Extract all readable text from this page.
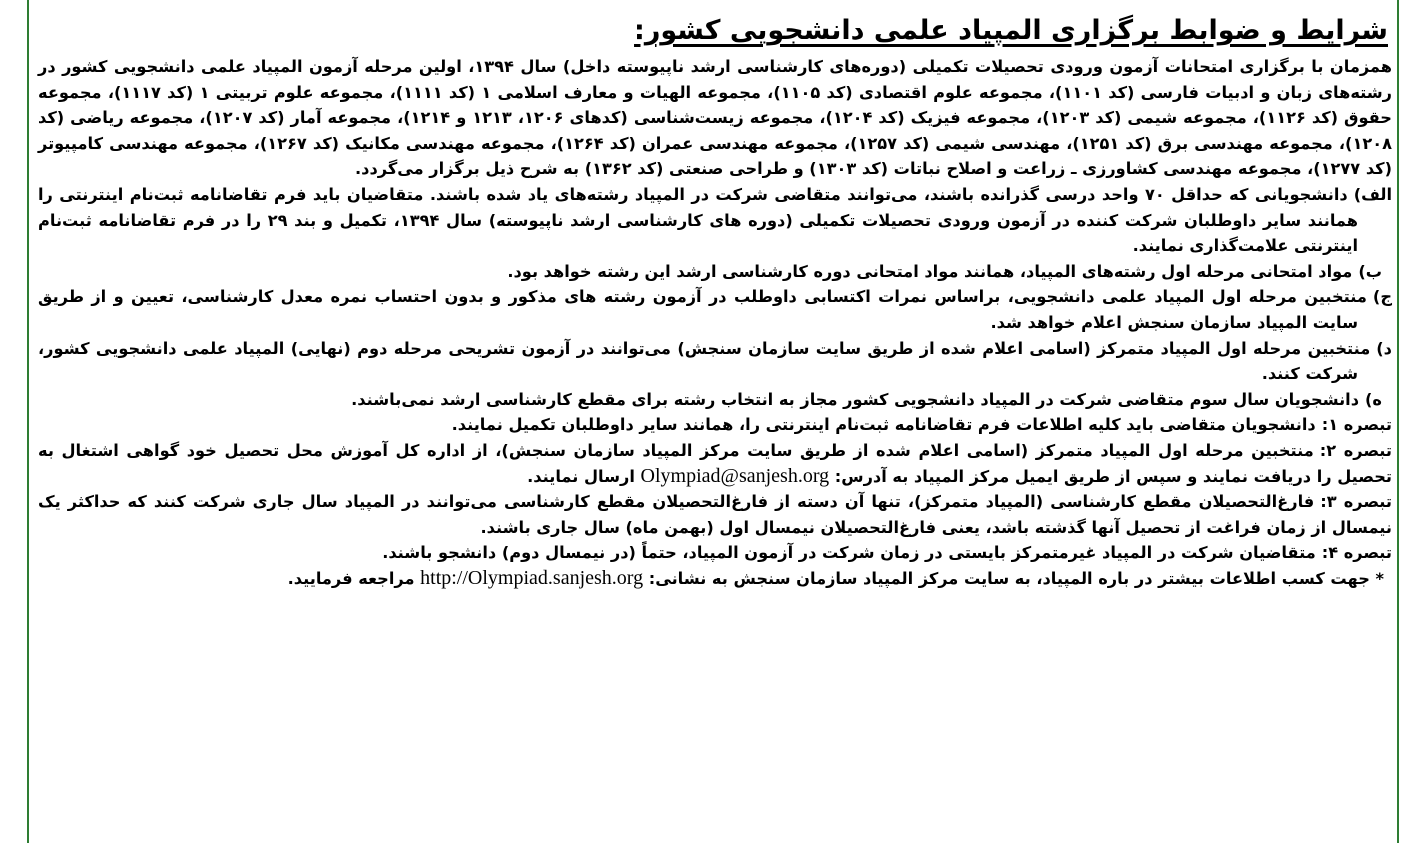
شرایط و ضوابط برگزاری المپیاد علمی دانشجویی کشور:

همزمان با برگزاری امتحانات آزمون ورودی تحصیلات تکمیلی (دوره‌های کارشناسی ارشد ناپیوسته داخل) سال ۱۳۹۴، اولین مرحله آزمون المپیاد علمی دانشجویی کشور در رشته‌های زبان و ادبیات فارسی (کد ۱۱۰۱)، مجموعه علوم اقتصادی (کد ۱۱۰۵)، مجموعه الهیات و معارف اسلامی ۱ (کد ۱۱۱۱)، مجموعه علوم تربیتی ۱ (کد ۱۱۱۷)، مجموعه حقوق (کد ۱۱۲۶)، مجموعه شیمی (کد ۱۲۰۳)، مجموعه فیزیک (کد ۱۲۰۴)، مجموعه زیست‌شناسی (کدهای ۱۲۰۶، ۱۲۱۳ و ۱۲۱۴)، مجموعه آمار (کد ۱۲۰۷)، مجموعه ریاضی (کد ۱۲۰۸)، مجموعه مهندسی برق (کد ۱۲۵۱)، مهندسی شیمی (کد ۱۲۵۷)، مجموعه مهندسی عمران (کد ۱۲۶۴)، مجموعه مهندسی مکانیک (کد ۱۲۶۷)، مجموعه مهندسی کامپیوتر (کد ۱۲۷۷)، مجموعه مهندسی کشاورزی ـ زراعت و اصلاح نباتات (کد ۱۳۰۳) و طراحی صنعتی (کد ۱۳۶۲) به شرح ذیل برگزار می‌گردد.

الف)دانشجویانی که حداقل ۷۰ واحد درسی گذرانده باشند، می‌توانند متقاضی شرکت در المپیاد رشته‌های یاد شده باشند. متقاضیان باید فرم تقاضانامه ثبت‌نام اینترنتی را همانند سایر داوطلبان شرکت کننده در آزمون ورودی تحصیلات تکمیلی (دوره های کارشناسی ارشد ناپیوسته) سال ۱۳۹۴، تکمیل و بند ۲۹ را در فرم تقاضانامه ثبت‌نام اینترنتی علامت‌گذاری نمایند.

ب)مواد امتحانی مرحله اول رشته‌های المپیاد، همانند مواد امتحانی دوره کارشناسی ارشد این رشته خواهد بود.

ج)منتخبین مرحله اول المپیاد علمی دانشجویی، براساس نمرات اکتسابی داوطلب در آزمون رشته های مذکور و بدون احتساب نمره معدل کارشناسی، تعیین و از طریق سایت المپیاد سازمان سنجش اعلام خواهد شد.

د)منتخبین مرحله اول المپیاد متمرکز (اسامی اعلام شده از طریق سایت سازمان سنجش) می‌توانند در آزمون تشریحی مرحله دوم (نهایی) المپیاد علمی دانشجویی کشور، شرکت کنند.

ه)دانشجویان سال سوم متقاضی شرکت در المپیاد دانشجویی کشور مجاز به انتخاب رشته برای مقطع کارشناسی ارشد نمی‌باشند.

تبصره ۱:دانشجویان متقاضی باید کلیه اطلاعات فرم تقاضانامه ثبت‌نام اینترنتی را، همانند سایر داوطلبان تکمیل نمایند.

تبصره ۲:منتخبین مرحله اول المپیاد متمرکز (اسامی اعلام شده از طریق سایت مرکز المپیاد سازمان سنجش)، از اداره کل آموزش محل تحصیل خود گواهی اشتغال به تحصیل را دریافت نمایند و سپس از طریق ایمیل مرکز المپیاد به آدرس: Olympiad@sanjesh.org ارسال نمایند.

تبصره ۳:فارغ‌التحصیلان مقطع کارشناسی (المپیاد متمرکز)، تنها آن دسته از فارغ‌التحصیلان مقطع کارشناسی می‌توانند در المپیاد سال جاری شرکت کنند که حداکثر یک نیمسال از زمان فراغت از تحصیل آنها گذشته باشد، یعنی فارغ‌التحصیلان نیمسال اول (بهمن ماه) سال جاری باشند.

تبصره ۴:متقاضیان شرکت در المپیاد غیرمتمرکز بایستی در زمان شرکت در آزمون المپیاد، حتماً (در نیمسال دوم) دانشجو باشند.

* جهت کسب اطلاعات بیشتر در باره المپیاد، به سایت مرکز المپیاد سازمان سنجش به نشانی: http://Olympiad.sanjesh.org مراجعه فرمایید.
